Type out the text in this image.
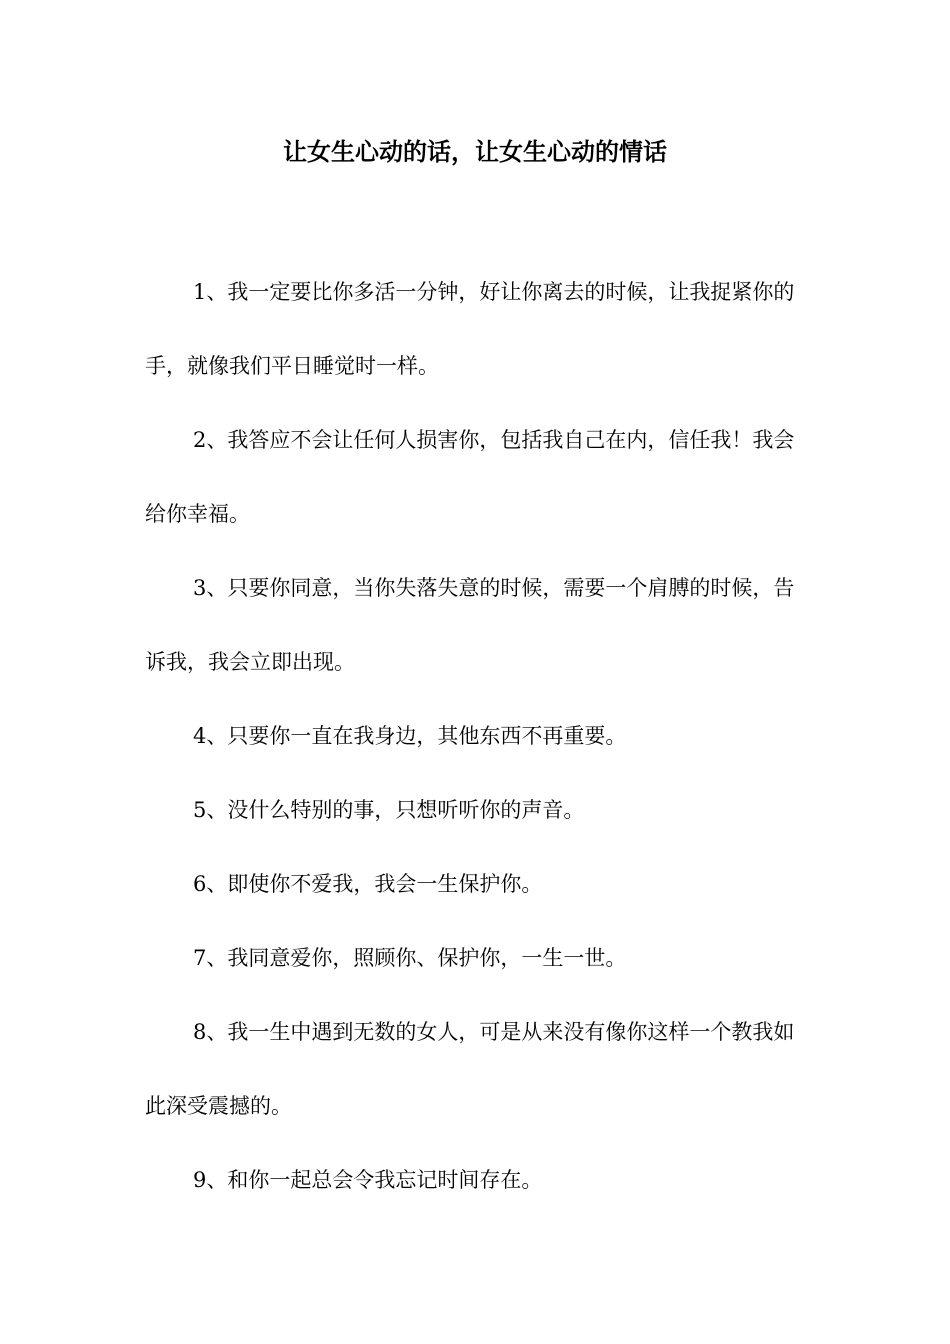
让女生心动的话，让女生心动的情话

1、我一定要比你多活一分钟，好让你离去的时候，让我捉紧你的手，就像我们平日睡觉时一样。

2、我答应不会让任何人损害你，包括我自己在内，信任我！我会给你幸福。

3、只要你同意，当你失落失意的时候，需要一个肩膊的时候，告诉我，我会立即出现。

4、只要你一直在我身边，其他东西不再重要。

5、没什么特别的事，只想听听你的声音。

6、即使你不爱我，我会一生保护你。

7、我同意爱你，照顾你、保护你，一生一世。

8、我一生中遇到无数的女人，可是从来没有像你这样一个教我如此深受震撼的。

9、和你一起总会令我忘记时间存在。
